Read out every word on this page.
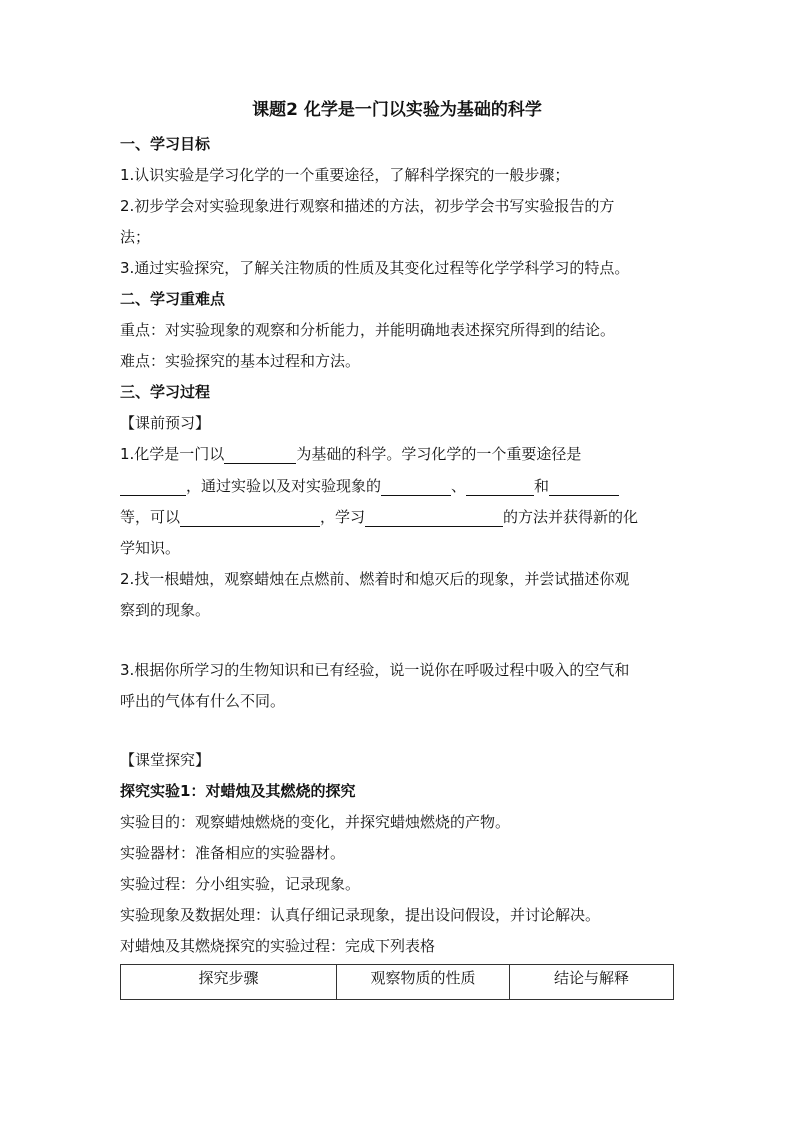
课题2 化学是一门以实验为基础的科学
一、学习目标
1.认识实验是学习化学的一个重要途径，了解科学探究的一般步骤；
2.初步学会对实验现象进行观察和描述的方法，初步学会书写实验报告的方
法；
3.通过实验探究，了解关注物质的性质及其变化过程等化学学科学习的特点。
二、学习重难点
重点：对实验现象的观察和分析能力，并能明确地表述探究所得到的结论。
难点：实验探究的基本过程和方法。
三、学习过程
【课前预习】
1.化学是一门以	为基础的科学。学习化学的一个重要途径是
，通过实验以及对实验现象的	、	和
等，可以	，学习	的方法并获得新的化
学知识。
2.找一根蜡烛，观察蜡烛在点燃前、燃着时和熄灭后的现象，并尝试描述你观
察到的现象。
3.根据你所学习的生物知识和已有经验，说一说你在呼吸过程中吸入的空气和
呼出的气体有什么不同。
【课堂探究】
探究实验1：对蜡烛及其燃烧的探究
实验目的：观察蜡烛燃烧的变化，并探究蜡烛燃烧的产物。
实验器材：准备相应的实验器材。
实验过程：分小组实验，记录现象。
实验现象及数据处理：认真仔细记录现象，提出设问假设，并讨论解决。
对蜡烛及其燃烧探究的实验过程：完成下列表格
探究步骤	观察物质的性质	结论与解释
